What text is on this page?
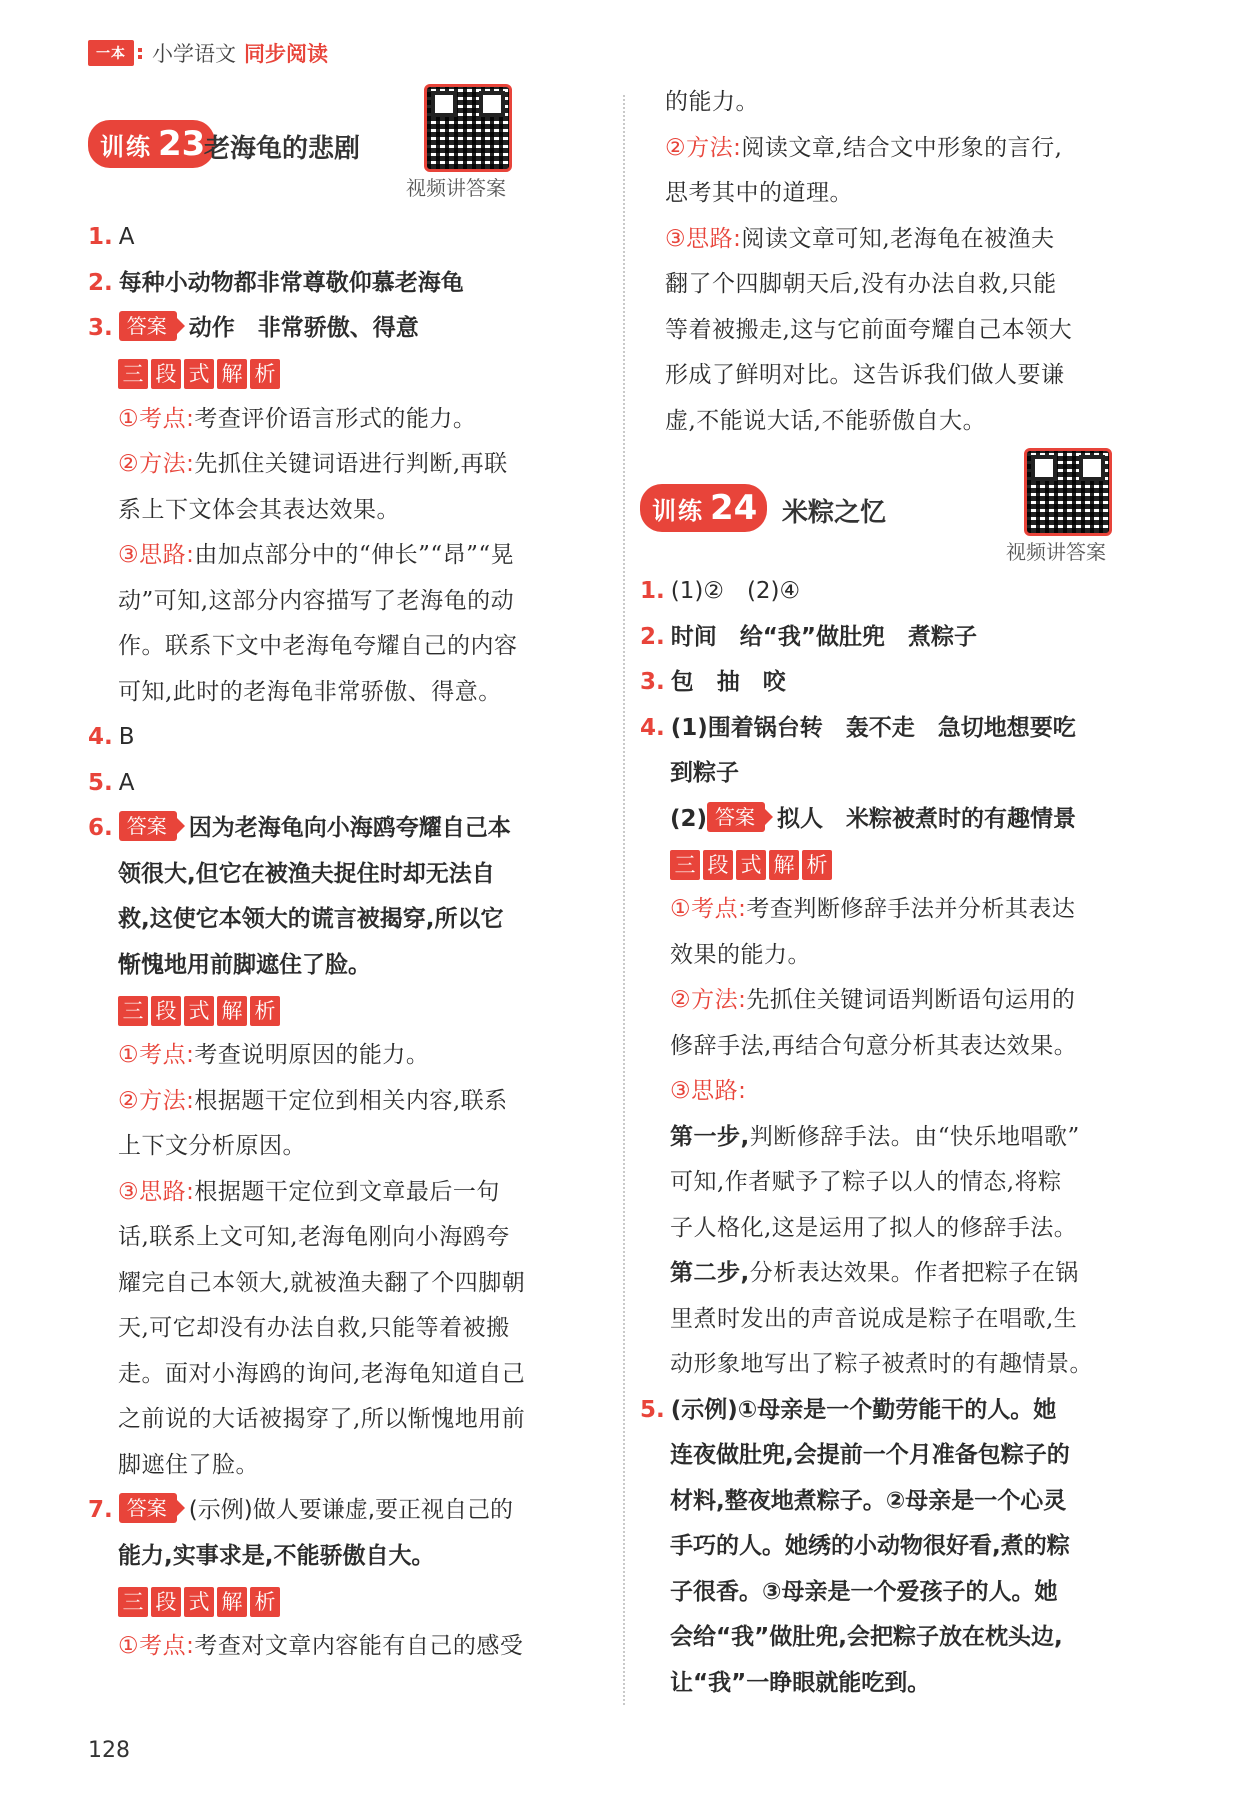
一本	小学语文 同步阅读
训练 23
老海龟的悲剧
视频讲答案
1. A
2. 每种小动物都非常尊敬仰慕老海龟
3. 答案 动作　非常骄傲、得意
三 段 式 解 析
①考点:考查评价语言形式的能力。
②方法:先抓住关键词语进行判断,再联
系上下文体会其表达效果。
③思路:由加点部分中的“伸长”“昂”“晃
动”可知,这部分内容描写了老海龟的动
作。联系下文中老海龟夸耀自己的内容
可知,此时的老海龟非常骄傲、得意。
4. B
5. A
6. 答案 因为老海龟向小海鸥夸耀自己本
领很大,但它在被渔夫捉住时却无法自
救,这使它本领大的谎言被揭穿,所以它
惭愧地用前脚遮住了脸。
三 段 式 解 析
①考点:考查说明原因的能力。
②方法:根据题干定位到相关内容,联系
上下文分析原因。
③思路:根据题干定位到文章最后一句
话,联系上文可知,老海龟刚向小海鸥夸
耀完自己本领大,就被渔夫翻了个四脚朝
天,可它却没有办法自救,只能等着被搬
走。面对小海鸥的询问,老海龟知道自己
之前说的大话被揭穿了,所以惭愧地用前
脚遮住了脸。
7. 答案 (示例)做人要谦虚,要正视自己的
能力,实事求是,不能骄傲自大。
三 段 式 解 析
①考点:考查对文章内容能有自己的感受
的能力。
②方法:阅读文章,结合文中形象的言行,
思考其中的道理。
③思路:阅读文章可知,老海龟在被渔夫
翻了个四脚朝天后,没有办法自救,只能
等着被搬走,这与它前面夸耀自己本领大
形成了鲜明对比。这告诉我们做人要谦
虚,不能说大话,不能骄傲自大。
训练 24 米粽之忆
视频讲答案
1. (1)②　(2)④
2. 时间　给“我”做肚兜　煮粽子
3. 包　抽　咬
4. (1)围着锅台转　轰不走　急切地想要吃
到粽子
(2) 答案 拟人　米粽被煮时的有趣情景
三 段 式 解 析
①考点:考查判断修辞手法并分析其表达
效果的能力。
②方法:先抓住关键词语判断语句运用的
修辞手法,再结合句意分析其表达效果。
③思路:
第一步,判断修辞手法。由“快乐地唱歌”
可知,作者赋予了粽子以人的情态,将粽
子人格化,这是运用了拟人的修辞手法。
第二步,分析表达效果。作者把粽子在锅
里煮时发出的声音说成是粽子在唱歌,生
动形象地写出了粽子被煮时的有趣情景。
5. (示例)①母亲是一个勤劳能干的人。她
连夜做肚兜,会提前一个月准备包粽子的
材料,整夜地煮粽子。②母亲是一个心灵
手巧的人。她绣的小动物很好看,煮的粽
子很香。③母亲是一个爱孩子的人。她
会给“我”做肚兜,会把粽子放在枕头边,
让“我”一睁眼就能吃到。
128
